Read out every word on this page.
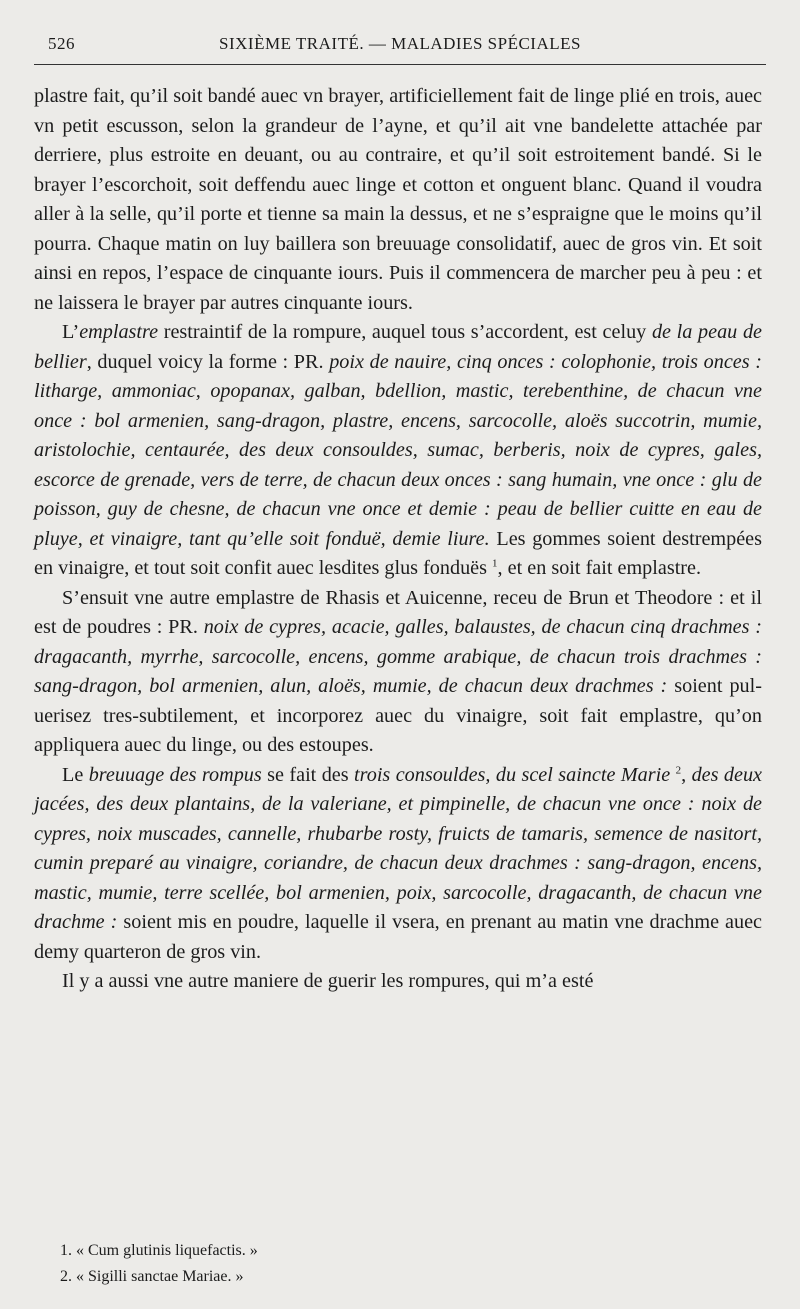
526	SIXIÈME TRAITÉ. — MALADIES SPÉCIALES

plastre fait, qu’il soit bandé auec vn brayer, artificiellement fait de linge plié en trois, auec vn petit escusson, selon la grandeur de l’ayne, et qu’il ait vne bandelette attachée par derriere, plus estroite en deuant, ou au contraire, et qu’il soit estroitement bandé. Si le brayer l’escorchoit, soit deffendu auec linge et cotton et onguent blanc. Quand il voudra aller à la selle, qu’il porte et tienne sa main la dessus, et ne s’espraigne que le moins qu’il pourra. Chaque matin on luy baillera son breuuage consolidatif, auec de gros vin. Et soit ainsi en repos, l’espace de cinquante iours. Puis il commencera de marcher peu à peu : et ne laissera le brayer par autres cinquante iours.

L’emplastre restraintif de la rompure, auquel tous s’accordent, est celuy de la peau de bellier, duquel voicy la forme : PR. poix de nauire, cinq onces : colophonie, trois onces : litharge, ammoniac, opopanax, galban, bdellion, mastic, terebenthine, de chacun vne once : bol armenien, sang-dragon, plastre, encens, sarcocolle, aloës succotrin, mumie, aristolochie, centaurée, des deux consouldes, sumac, berberis, noix de cypres, gales, escorce de grenade, vers de terre, de chacun deux onces : sang humain, vne once : glu de poisson, guy de chesne, de chacun vne once et demie : peau de bellier cuitte en eau de pluye, et vinaigre, tant qu’elle soit fonduë, demie liure. Les gommes soient destrempées en vinaigre, et tout soit confit auec lesdites glus fonduës $^1$, et en soit fait emplastre.

S’ensuit vne autre emplastre de Rhasis et Auicenne, receu de Brun et Theodore : et il est de poudres : PR. noix de cypres, acacie, galles, balaustes, de chacun cinq drachmes : dragacanth, myrrhe, sarcocolle, encens, gomme arabique, de chacun trois drachmes : sang-dragon, bol armenien, alun, aloës, mumie, de chacun deux drachmes : soient puluerisez tres-subtilement, et incorporez auec du vinaigre, soit fait emplastre, qu’on appliquera auec du linge, ou des estoupes.

Le breuuage des rompus se fait des trois consouldes, du scel saincte Marie $^2$, des deux jacées, des deux plantains, de la valeriane, et pimpinelle, de chacun vne once : noix de cypres, noix muscades, cannelle, rhubarbe rosty, fruicts de tamaris, semence de nasitort, cumin preparé au vinaigre, coriandre, de chacun deux drachmes : sang-dragon, encens, mastic, mumie, terre scellée, bol armenien, poix, sarcocolle, dragacanth, de chacun vne drachme : soient mis en poudre, laquelle il vsera, en prenant au matin vne drachme auec demy quarteron de gros vin.

Il y a aussi vne autre maniere de guerir les rompures, qui m’a esté

1. « Cum glutinis liquefactis. »
2. « Sigilli sanctae Mariae. »
